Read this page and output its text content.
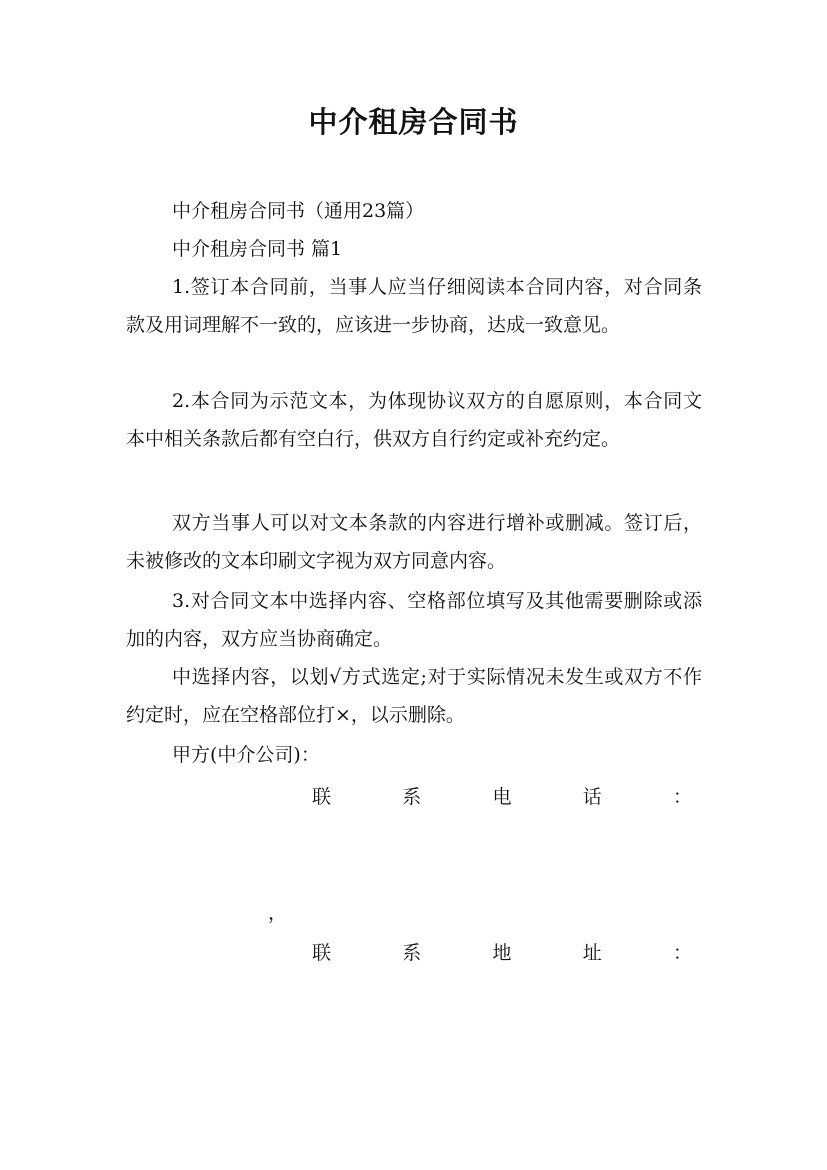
中介租房合同书
中介租房合同书（通用23篇）
中介租房合同书 篇1
1.签订本合同前，当事人应当仔细阅读本合同内容，对合同条款及用词理解不一致的，应该进一步协商，达成一致意见。
2.本合同为示范文本，为体现协议双方的自愿原则，本合同文本中相关条款后都有空白行，供双方自行约定或补充约定。
双方当事人可以对文本条款的内容进行增补或删减。签订后，未被修改的文本印刷文字视为双方同意内容。
3.对合同文本中选择内容、空格部位填写及其他需要删除或添加的内容，双方应当协商确定。
中选择内容，以划√方式选定;对于实际情况未发生或双方不作约定时，应在空格部位打×，以示删除。
甲方(中介公司)：
联	系	电	话	：
，
联	系	地	址	：
